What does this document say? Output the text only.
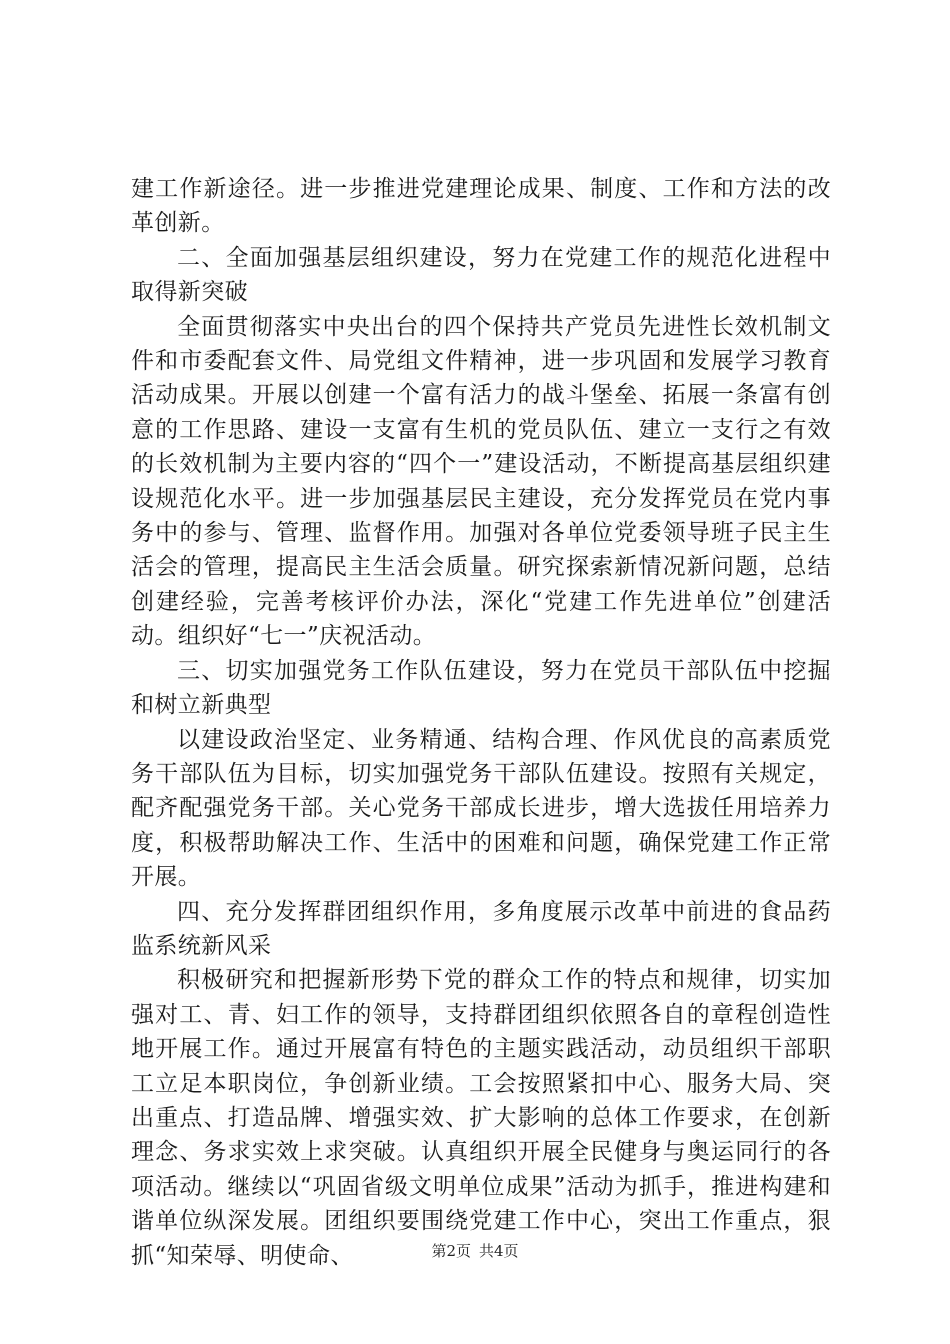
建工作新途径。进一步推进党建理论成果、制度、工作和方法的改革创新。

二、全面加强基层组织建设，努力在党建工作的规范化进程中取得新突破

全面贯彻落实中央出台的四个保持共产党员先进性长效机制文件和市委配套文件、局党组文件精神，进一步巩固和发展学习教育活动成果。开展以创建一个富有活力的战斗堡垒、拓展一条富有创意的工作思路、建设一支富有生机的党员队伍、建立一支行之有效的长效机制为主要内容的“四个一”建设活动，不断提高基层组织建设规范化水平。进一步加强基层民主建设，充分发挥党员在党内事务中的参与、管理、监督作用。加强对各单位党委领导班子民主生活会的管理，提高民主生活会质量。研究探索新情况新问题，总结创建经验，完善考核评价办法，深化“党建工作先进单位”创建活动。组织好“七一”庆祝活动。

三、切实加强党务工作队伍建设，努力在党员干部队伍中挖掘和树立新典型

以建设政治坚定、业务精通、结构合理、作风优良的高素质党务干部队伍为目标，切实加强党务干部队伍建设。按照有关规定，配齐配强党务干部。关心党务干部成长进步，增大选拔任用培养力度，积极帮助解决工作、生活中的困难和问题，确保党建工作正常开展。

四、充分发挥群团组织作用，多角度展示改革中前进的食品药监系统新风采

积极研究和把握新形势下党的群众工作的特点和规律，切实加强对工、青、妇工作的领导，支持群团组织依照各自的章程创造性地开展工作。通过开展富有特色的主题实践活动，动员组织干部职工立足本职岗位，争创新业绩。工会按照紧扣中心、服务大局、突出重点、打造品牌、增强实效、扩大影响的总体工作要求，在创新理念、务求实效上求突破。认真组织开展全民健身与奥运同行的各项活动。继续以“巩固省级文明单位成果”活动为抓手，推进构建和谐单位纵深发展。团组织要围绕党建工作中心，突出工作重点，狠抓“知荣辱、明使命、	第2页 共4页
